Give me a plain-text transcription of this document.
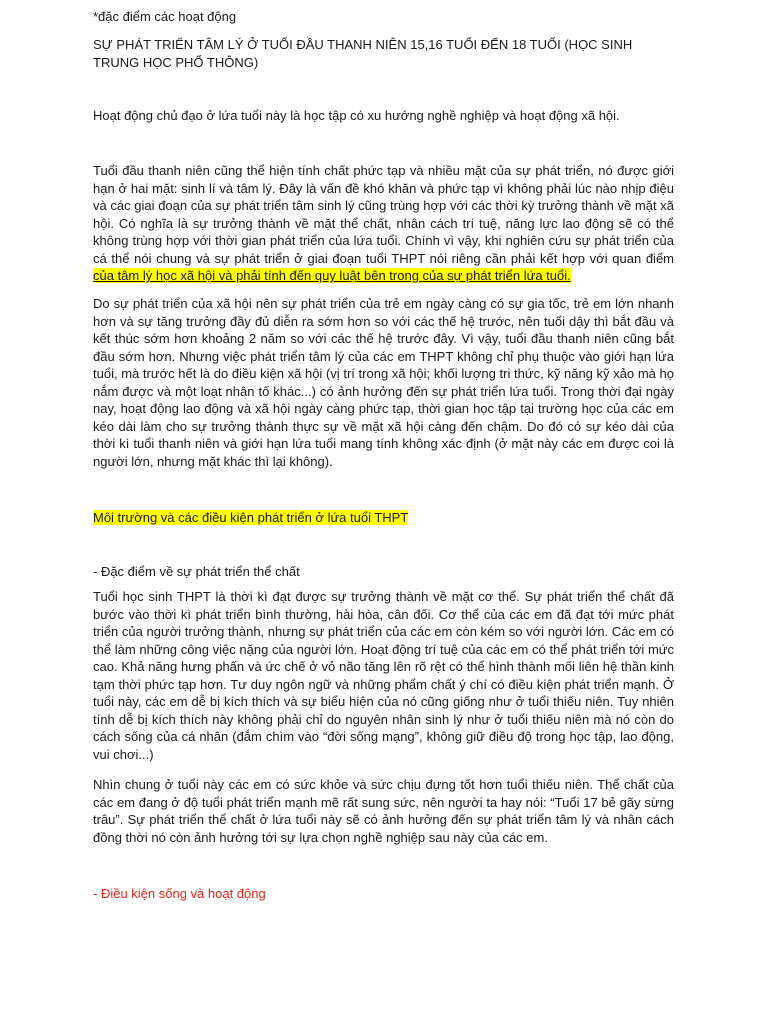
*đặc điểm các hoạt động

SỰ PHÁT TRIỂN TÂM LÝ Ở TUỔI ĐẦU THANH NIÊN 15,16 TUỔI ĐẾN 18 TUỔI (HỌC SINH TRUNG HỌC PHỔ THÔNG)

Hoạt động chủ đạo ở lứa tuổi này là học tập có xu hướng nghề nghiệp và hoạt động xã hội.

Tuổi đầu thanh niên cũng thể hiện tính chất phức tạp và nhiều mặt của sự phát triển, nó được giới hạn ở hai mặt: sinh lí và tâm lý. Đây là vấn đề khó khăn và phức tạp vì không phải lúc nào nhịp điệu và các giai đoạn của sự phát triển tâm sinh lý cũng trùng hợp với các thời kỳ trưởng thành về mặt xã hội. Có nghĩa là sự trưởng thành về mặt thể chất, nhân cách trí tuệ, năng lực lao động sẽ có thể không trùng hợp với thời gian phát triển của lứa tuổi. Chính vì vậy, khi nghiên cứu sự phát triển của cá thể nói chung và sự phát triển ở giai đoạn tuổi THPT nói riêng cần phải kết hợp với quan điểm của tâm lý học xã hội và phải tính đến quy luật bên trong của sự phát triển lứa tuổi.

Do sự phát triển của xã hội nên sự phát triển của trẻ em ngày càng có sự gia tốc, trẻ em lớn nhanh hơn và sự tăng trưởng đầy đủ diễn ra sớm hơn so với các thế hệ trước, nên tuổi dậy thì bắt đầu và kết thúc sớm hơn khoảng 2 năm so với các thế hệ trước đây. Vì vậy, tuổi đầu thanh niên cũng bắt đầu sớm hơn. Nhưng việc phát triển tâm lý của các em THPT không chỉ phụ thuộc vào giới hạn lứa tuổi, mà trước hết là do điều kiện xã hội (vị trí trong xã hội; khối lượng tri thức, kỹ năng kỹ xảo mà họ nắm được và một loạt nhân tố khác...) có ảnh hưởng đến sự phát triển lứa tuổi. Trong thời đại ngày nay, hoạt động lao động và xã hội ngày càng phức tạp, thời gian học tập tại trường học của các em kéo dài làm cho sự trưởng thành thực sự về mặt xã hội càng đến chậm. Do đó có sự kéo dài của thời kì tuổi thanh niên và giới hạn lứa tuổi mang tính không xác định (ở mặt này các em được coi là người lớn, nhưng mặt khác thì lại không).

Môi trường và các điều kiện phát triển ở lứa tuổi THPT

- Đặc điểm về sự phát triển thể chất

Tuổi học sinh THPT là thời kì đạt được sự trưởng thành về mặt cơ thể. Sự phát triển thể chất đã bước vào thời kì phát triển bình thường, hài hòa, cân đối. Cơ thể của các em đã đạt tới mức phát triển của người trưởng thành, nhưng sự phát triển của các em còn kém so với người lớn. Các em có thể làm những công việc nặng của người lớn. Hoạt động trí tuệ của các em có thể phát triển tới mức cao. Khả năng hưng phấn và ức chế ở vỏ não tăng lên rõ rệt có thể hình thành mối liên hệ thần kinh tạm thời phức tạp hơn. Tư duy ngôn ngữ và những phẩm chất ý chí có điều kiện phát triển mạnh. Ở tuổi này, các em dễ bị kích thích và sự biểu hiện của nó cũng giống như ở tuổi thiếu niên. Tuy nhiên tính dễ bị kích thích này không phải chỉ do nguyên nhân sinh lý như ở tuổi thiếu niên mà nó còn do cách sống của cá nhân (đắm chìm vào “đời sống mạng”, không giữ điều độ trong học tập, lao động, vui chơi...)

Nhìn chung ở tuổi này các em có sức khỏe và sức chịu đựng tốt hơn tuổi thiếu niên. Thể chất của các em đang ở độ tuổi phát triển mạnh mẽ rất sung sức, nên người ta hay nói: “Tuổi 17 bẻ gãy sừng trâu”. Sự phát triển thể chất ở lứa tuổi này sẽ có ảnh hưởng đến sự phát triển tâm lý và nhân cách đồng thời nó còn ảnh hưởng tới sự lựa chọn nghề nghiệp sau này của các em.

- Điều kiện sống và hoạt động
